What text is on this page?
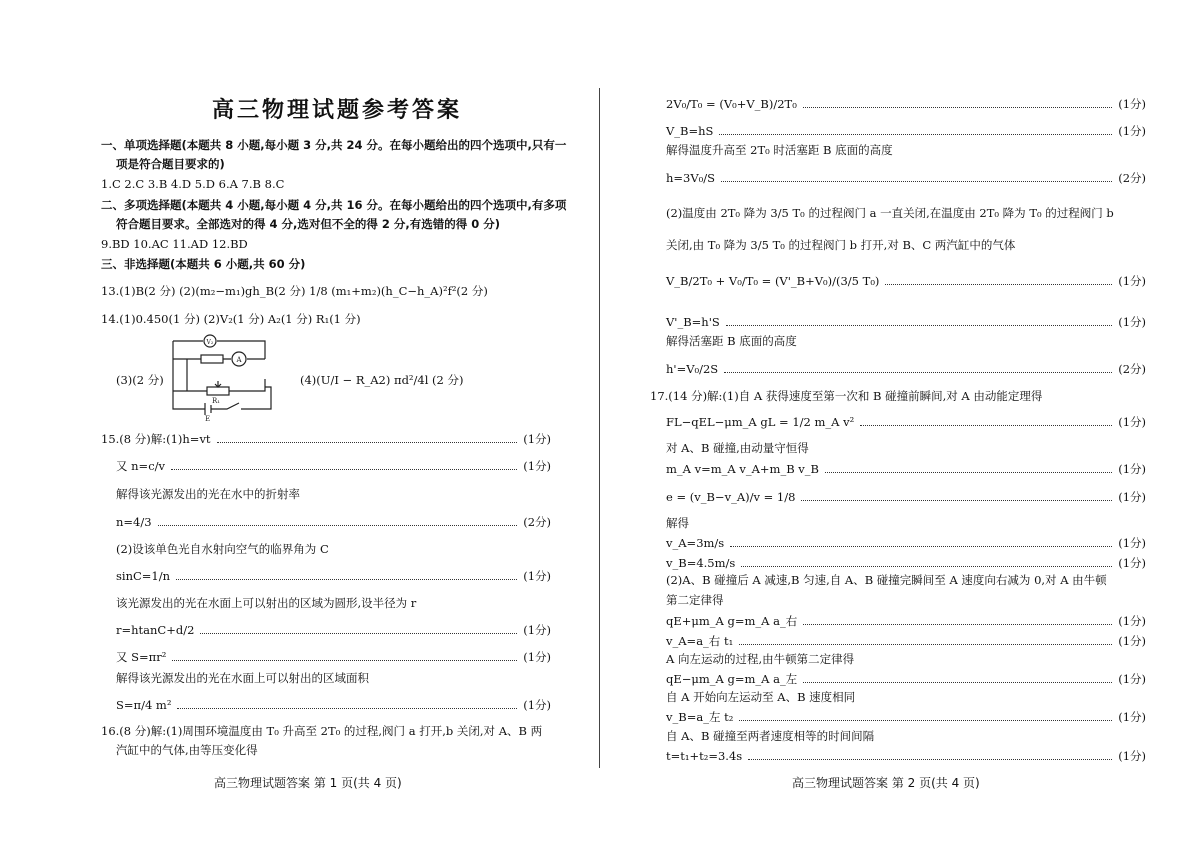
高三物理试题参考答案
一、单项选择题(本题共 8 小题,每小题 3 分,共 24 分。在每小题给出的四个选项中,只有一
项是符合题目要求的)
1.C 2.C 3.B 4.D 5.D 6.A 7.B 8.C
二、多项选择题(本题共 4 小题,每小题 4 分,共 16 分。在每小题给出的四个选项中,有多项
符合题目要求。全部选对的得 4 分,选对但不全的得 2 分,有选错的得 0 分)
9.BD 10.AC 11.AD 12.BD
三、非选择题(本题共 6 小题,共 60 分)
13.(1)B(2 分) (2)(m₂−m₁)gh_B(2 分) 1/8 (m₁+m₂)(h_C−h_A)²f²(2 分)
14.(1)0.450(1 分) (2)V₂(1 分) A₂(1 分) R₁(1 分)
(3)(2 分)
V₂
A
R₁
E
(4)(U/I − R_A2) πd²/4l (2 分)
15.(8 分)解:(1)h=vt	(1分)
又 n=c/v	(1分)
解得该光源发出的光在水中的折射率
n=4/3	(2分)
(2)设该单色光自水射向空气的临界角为 C
sinC=1/n	(1分)
该光源发出的光在水面上可以射出的区域为圆形,设半径为 r
r=htanC+d/2	(1分)
又 S=πr²	(1分)
解得该光源发出的光在水面上可以射出的区域面积
S=π/4 m²	(1分)
16.(8 分)解:(1)周围环境温度由 T₀ 升高至 2T₀ 的过程,阀门 a 打开,b 关闭,对 A、B 两
汽缸中的气体,由等压变化得
高三物理试题答案 第 1 页(共 4 页)
2V₀/T₀ = (V₀+V_B)/2T₀	(1分)
V_B=hS	(1分)
解得温度升高至 2T₀ 时活塞距 B 底面的高度
h=3V₀/S	(2分)
(2)温度由 2T₀ 降为 3/5 T₀ 的过程阀门 a 一直关闭,在温度由 2T₀ 降为 T₀ 的过程阀门 b
关闭,由 T₀ 降为 3/5 T₀ 的过程阀门 b 打开,对 B、C 两汽缸中的气体
V_B/2T₀ + V₀/T₀ = (V'_B+V₀)/(3/5 T₀)	(1分)
V'_B=h'S	(1分)
解得活塞距 B 底面的高度
h'=V₀/2S	(2分)
17.(14 分)解:(1)自 A 获得速度至第一次和 B 碰撞前瞬间,对 A 由动能定理得
FL−qEL−μm_A gL = 1/2 m_A v²	(1分)
对 A、B 碰撞,由动量守恒得
m_A v=m_A v_A+m_B v_B	(1分)
e = (v_B−v_A)/v = 1/8	(1分)
解得
v_A=3m/s	(1分)
v_B=4.5m/s	(1分)
(2)A、B 碰撞后 A 减速,B 匀速,自 A、B 碰撞完瞬间至 A 速度向右减为 0,对 A 由牛顿
第二定律得
qE+μm_A g=m_A a_右	(1分)
v_A=a_右 t₁	(1分)
A 向左运动的过程,由牛顿第二定律得
qE−μm_A g=m_A a_左	(1分)
自 A 开始向左运动至 A、B 速度相同
v_B=a_左 t₂	(1分)
自 A、B 碰撞至两者速度相等的时间间隔
t=t₁+t₂=3.4s	(1分)
高三物理试题答案 第 2 页(共 4 页)
